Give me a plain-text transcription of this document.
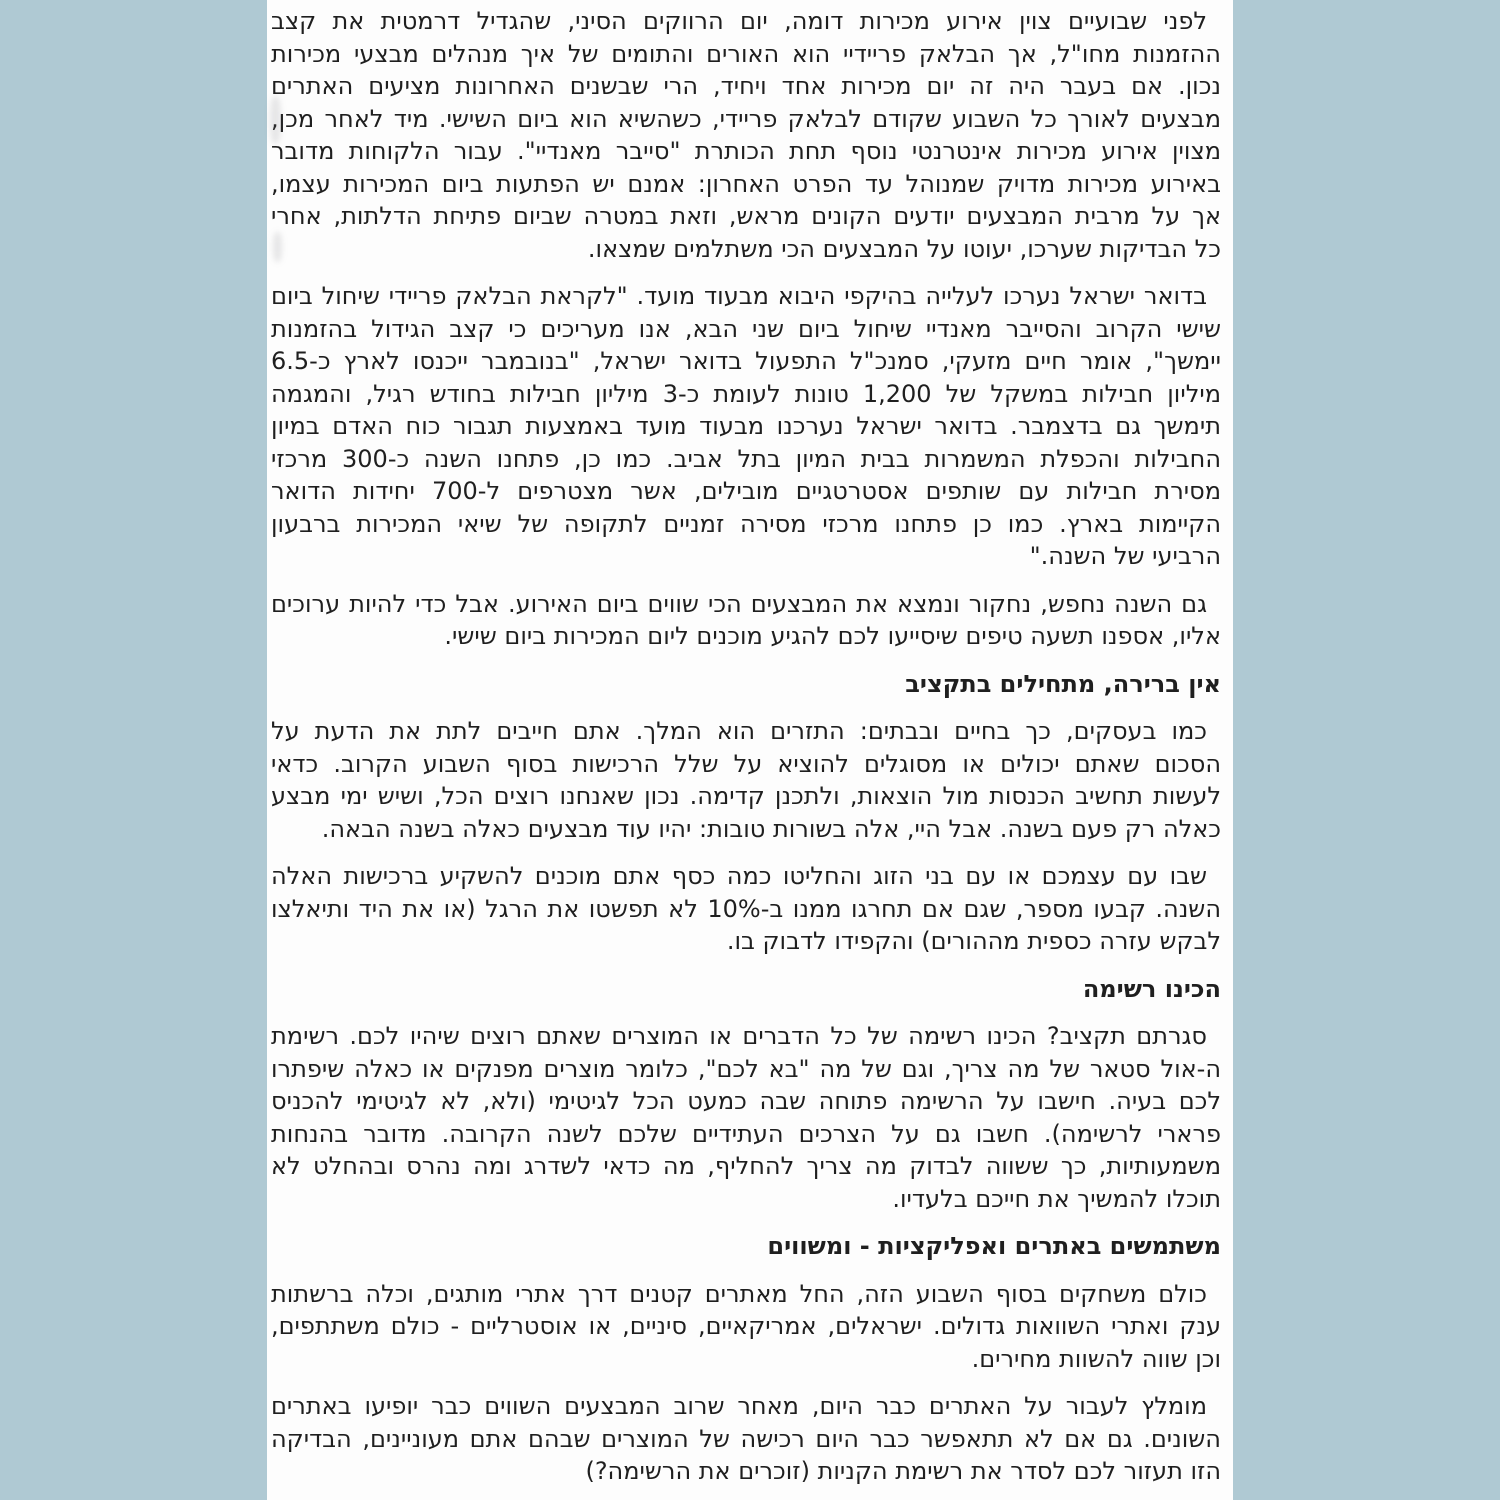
לפני שבועיים צוין אירוע מכירות דומה, יום הרווקים הסיני, שהגדיל דרמטית את קצב
ההזמנות מחו"ל, אך הבלאק פריידיי הוא האורים והתומים של איך מנהלים מבצעי מכירות
נכון. אם בעבר היה זה יום מכירות אחד ויחיד, הרי שבשנים האחרונות מציעים האתרים
מבצעים לאורך כל השבוע שקודם לבלאק פריידי, כשהשיא הוא ביום השישי. מיד לאחר מכן,
מצוין אירוע מכירות אינטרנטי נוסף תחת הכותרת "סייבר מאנדיי". עבור הלקוחות מדובר
באירוע מכירות מדויק שמנוהל עד הפרט האחרון: אמנם יש הפתעות ביום המכירות עצמו,
אך על מרבית המבצעים יודעים הקונים מראש, וזאת במטרה שביום פתיחת הדלתות, אחרי
כל הבדיקות שערכו, יעוטו על המבצעים הכי משתלמים שמצאו.
בדואר ישראל נערכו לעלייה בהיקפי היבוא מבעוד מועד. "לקראת הבלאק פריידי שיחול ביום
שישי הקרוב והסייבר מאנדיי שיחול ביום שני הבא, אנו מעריכים כי קצב הגידול בהזמנות
יימשך", אומר חיים מזעקי, סמנכ"ל התפעול בדואר ישראל, "בנובמבר ייכנסו לארץ כ-6.5
מיליון חבילות במשקל של 1,200 טונות לעומת כ-3 מיליון חבילות בחודש רגיל, והמגמה
תימשך גם בדצמבר. בדואר ישראל נערכנו מבעוד מועד באמצעות תגבור כוח האדם במיון
החבילות והכפלת המשמרות בבית המיון בתל אביב. כמו כן, פתחנו השנה כ-300 מרכזי
מסירת חבילות עם שותפים אסטרטגיים מובילים, אשר מצטרפים ל-700 יחידות הדואר
הקיימות בארץ. כמו כן פתחנו מרכזי מסירה זמניים לתקופה של שיאי המכירות ברבעון
הרביעי של השנה."
גם השנה נחפש, נחקור ונמצא את המבצעים הכי שווים ביום האירוע. אבל כדי להיות ערוכים
אליו, אספנו תשעה טיפים שיסייעו לכם להגיע מוכנים ליום המכירות ביום שישי.
אין ברירה, מתחילים בתקציב
כמו בעסקים, כך בחיים ובבתים: התזרים הוא המלך. אתם חייבים לתת את הדעת על
הסכום שאתם יכולים או מסוגלים להוציא על שלל הרכישות בסוף השבוע הקרוב. כדאי
לעשות תחשיב הכנסות מול הוצאות, ולתכנן קדימה. נכון שאנחנו רוצים הכל, ושיש ימי מבצע
כאלה רק פעם בשנה. אבל היי, אלה בשורות טובות: יהיו עוד מבצעים כאלה בשנה הבאה.
שבו עם עצמכם או עם בני הזוג והחליטו כמה כסף אתם מוכנים להשקיע ברכישות האלה
השנה. קבעו מספר, שגם אם תחרגו ממנו ב-10% לא תפשטו את הרגל (או את היד ותיאלצו
לבקש עזרה כספית מההורים) והקפידו לדבוק בו.
הכינו רשימה
סגרתם תקציב? הכינו רשימה של כל הדברים או המוצרים שאתם רוצים שיהיו לכם. רשימת
ה-אול סטאר של מה צריך, וגם של מה "בא לכם", כלומר מוצרים מפנקים או כאלה שיפתרו
לכם בעיה. חישבו על הרשימה פתוחה שבה כמעט הכל לגיטימי (ולא, לא לגיטימי להכניס
פרארי לרשימה). חשבו גם על הצרכים העתידיים שלכם לשנה הקרובה. מדובר בהנחות
משמעותיות, כך ששווה לבדוק מה צריך להחליף, מה כדאי לשדרג ומה נהרס ובהחלט לא
תוכלו להמשיך את חייכם בלעדיו.
משתמשים באתרים ואפליקציות - ומשווים
כולם משחקים בסוף השבוע הזה, החל מאתרים קטנים דרך אתרי מותגים, וכלה ברשתות
ענק ואתרי השוואות גדולים. ישראלים, אמריקאיים, סיניים, או אוסטרליים - כולם משתתפים,
וכן שווה להשוות מחירים.
מומלץ לעבור על האתרים כבר היום, מאחר שרוב המבצעים השווים כבר יופיעו באתרים
השונים. גם אם לא תתאפשר כבר היום רכישה של המוצרים שבהם אתם מעוניינים, הבדיקה
הזו תעזור לכם לסדר את רשימת הקניות (זוכרים את הרשימה?)
